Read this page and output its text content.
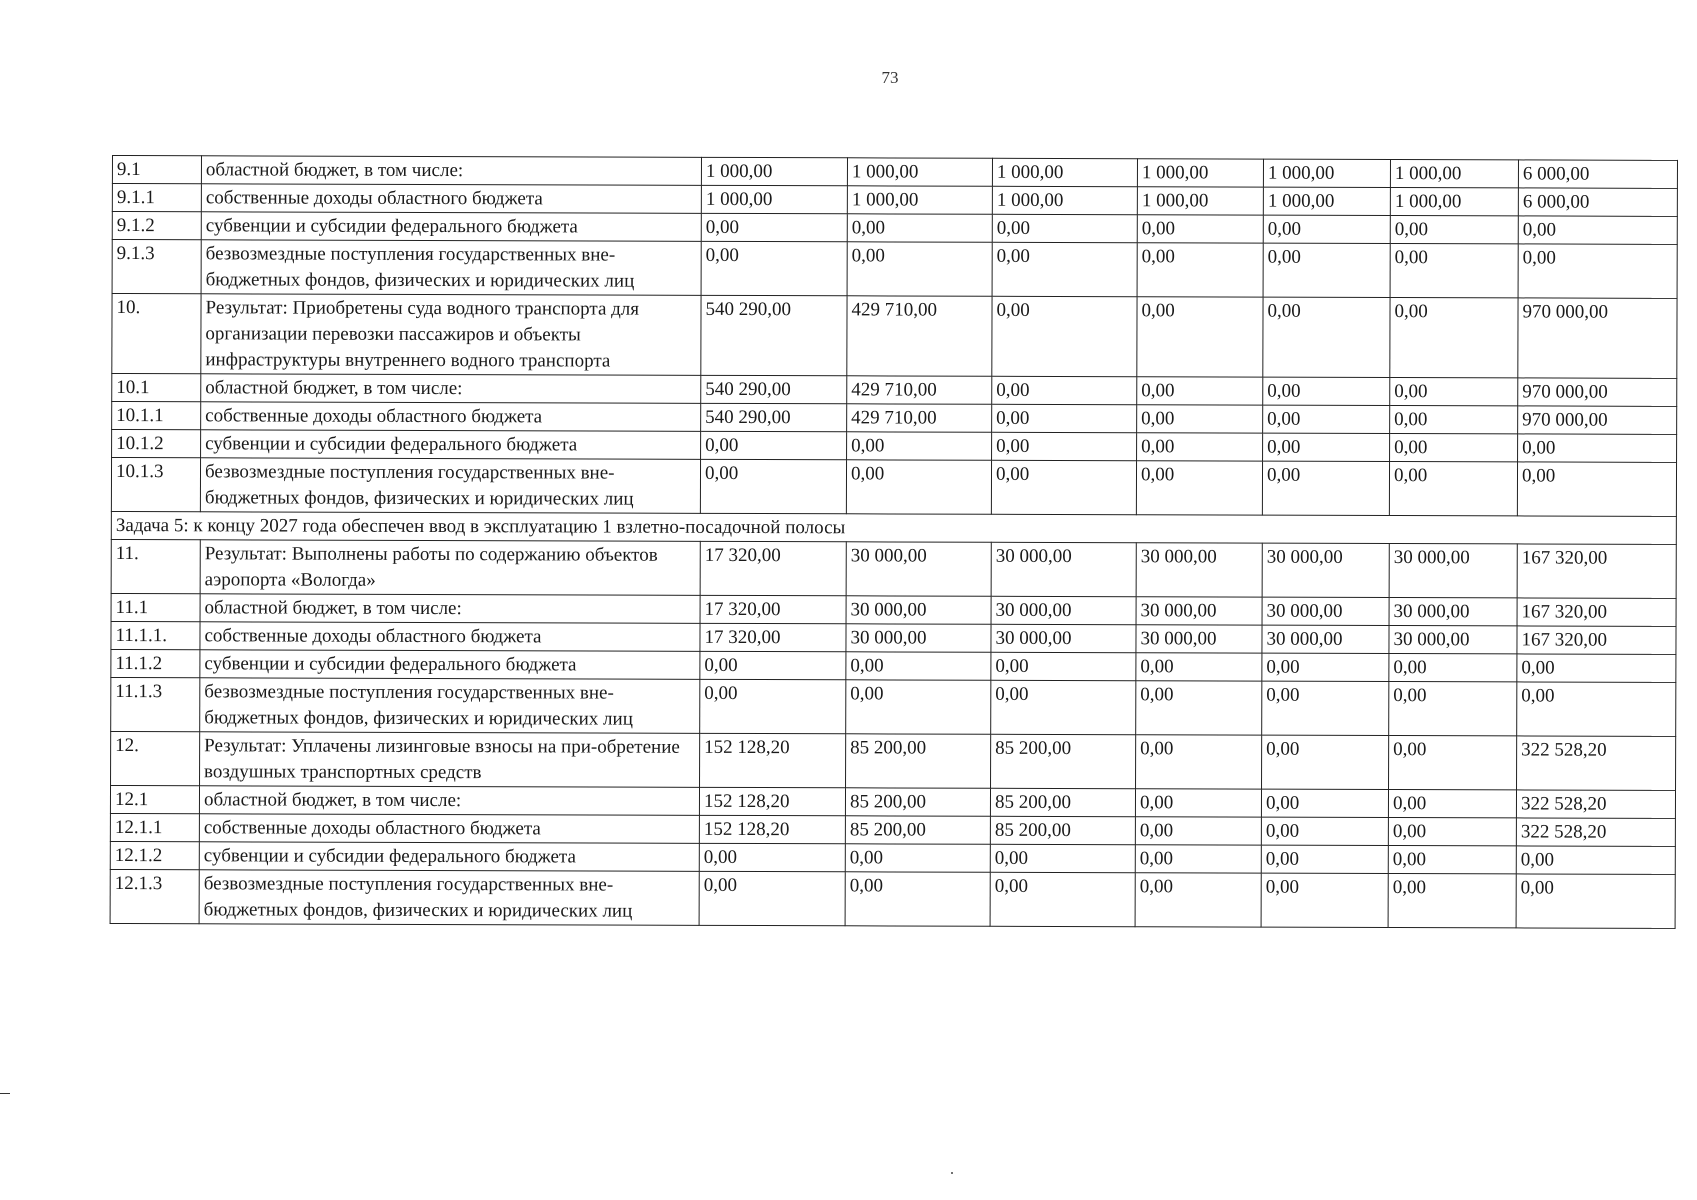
73
9.1	областной бюджет, в том числе:	1 000,00	1 000,00	1 000,00	1 000,00	1 000,00	1 000,00	6 000,00
9.1.1	собственные доходы областного бюджета	1 000,00	1 000,00	1 000,00	1 000,00	1 000,00	1 000,00	6 000,00
9.1.2	субвенции и субсидии федерального бюджета	0,00	0,00	0,00	0,00	0,00	0,00	0,00
9.1.3	безвозмездные поступления государственных вне-бюджетных фондов, физических и юридических лиц	0,00	0,00	0,00	0,00	0,00	0,00	0,00
10.	Результат: Приобретены суда водного транспорта для организации перевозки пассажиров и объекты инфраструктуры внутреннего водного транспорта	540 290,00	429 710,00	0,00	0,00	0,00	0,00	970 000,00
10.1	областной бюджет, в том числе:	540 290,00	429 710,00	0,00	0,00	0,00	0,00	970 000,00
10.1.1	собственные доходы областного бюджета	540 290,00	429 710,00	0,00	0,00	0,00	0,00	970 000,00
10.1.2	субвенции и субсидии федерального бюджета	0,00	0,00	0,00	0,00	0,00	0,00	0,00
10.1.3	безвозмездные поступления государственных вне-бюджетных фондов, физических и юридических лиц	0,00	0,00	0,00	0,00	0,00	0,00	0,00
Задача 5: к концу 2027 года обеспечен ввод в эксплуатацию 1 взлетно-посадочной полосы								
11.	Результат: Выполнены работы по содержанию объектов аэропорта «Вологда»	17 320,00	30 000,00	30 000,00	30 000,00	30 000,00	30 000,00	167 320,00
11.1	областной бюджет, в том числе:	17 320,00	30 000,00	30 000,00	30 000,00	30 000,00	30 000,00	167 320,00
11.1.1.	собственные доходы областного бюджета	17 320,00	30 000,00	30 000,00	30 000,00	30 000,00	30 000,00	167 320,00
11.1.2	субвенции и субсидии федерального бюджета	0,00	0,00	0,00	0,00	0,00	0,00	0,00
11.1.3	безвозмездные поступления государственных вне-бюджетных фондов, физических и юридических лиц	0,00	0,00	0,00	0,00	0,00	0,00	0,00
12.	Результат: Уплачены лизинговые взносы на при-обретение воздушных транспортных средств	152 128,20	85 200,00	85 200,00	0,00	0,00	0,00	322 528,20
12.1	областной бюджет, в том числе:	152 128,20	85 200,00	85 200,00	0,00	0,00	0,00	322 528,20
12.1.1	собственные доходы областного бюджета	152 128,20	85 200,00	85 200,00	0,00	0,00	0,00	322 528,20
12.1.2	субвенции и субсидии федерального бюджета	0,00	0,00	0,00	0,00	0,00	0,00	0,00
12.1.3	безвозмездные поступления государственных вне-бюджетных фондов, физических и юридических лиц	0,00	0,00	0,00	0,00	0,00	0,00	0,00
